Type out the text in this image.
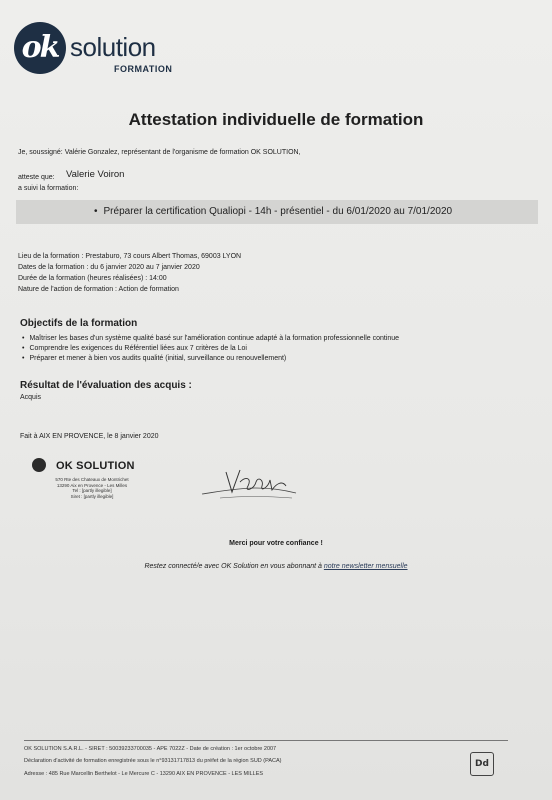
ok solution
FORMATION
Attestation individuelle de formation
Je, soussigné: Valérie Gonzalez, représentant de l'organisme de formation OK SOLUTION,
atteste que: Valerie Voiron
a suivi la formation:
• Préparer la certification Qualiopi - 14h - présentiel - du 6/01/2020 au 7/01/2020
Lieu de la formation : Prestaburo, 73 cours Albert Thomas, 69003 LYON
Dates de la formation : du 6 janvier 2020 au 7 janvier 2020
Durée de la formation (heures réalisées) : 14:00
Nature de l'action de formation : Action de formation
Objectifs de la formation
• Maîtriser les bases d'un système qualité basé sur l'amélioration continue adapté à la formation professionnelle continue
• Comprendre les exigences du Référentiel liées aux 7 critères de la Loi
• Préparer et mener à bien vos audits qualité (initial, surveillance ou renouvellement)
Résultat de l'évaluation des acquis :
Acquis
Fait à AIX EN PROVENCE, le 8 janvier 2020
OK SOLUTION
570 Rte des Chateaux de Montrichet
13290 Aix en Provence - Les Milles
Tel : [partly illegible]
Siret : [partly illegible]
Merci pour votre confiance !
Restez connecté/e avec OK Solution en vous abonnant à notre newsletter mensuelle
OK SOLUTION S.A.R.L. - SIRET : 50039233700035 - APE 7022Z - Date de création : 1er octobre 2007
Déclaration d'activité de formation enregistrée sous le n°93131717813 du préfet de la région SUD (PACA)
Adresse : 485 Rue Marcellin Berthelot - Le Mercure C - 13290 AIX EN PROVENCE - LES MILLES
Dd
